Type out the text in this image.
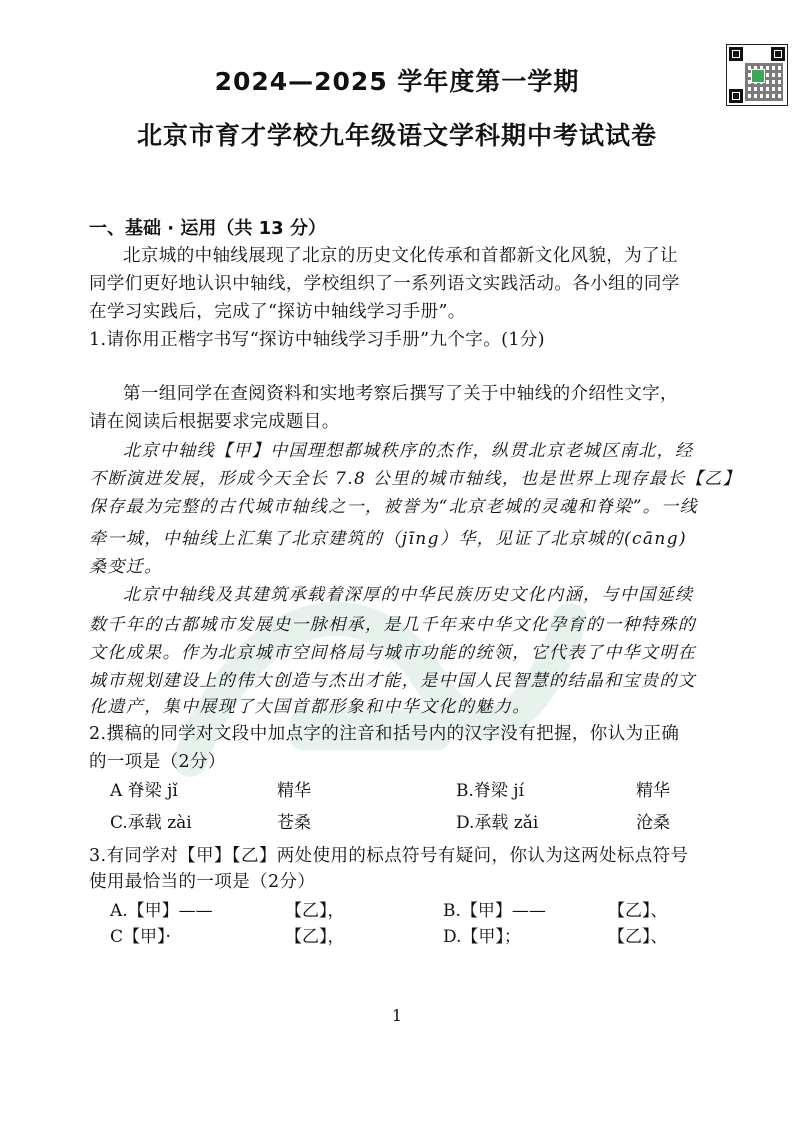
2024—2025 学年度第一学期
北京市育才学校九年级语文学科期中考试试卷
一、基础 · 运用（共 13 分）
北京城的中轴线展现了北京的历史文化传承和首都新文化风貌，为了让
同学们更好地认识中轴线，学校组织了一系列语文实践活动。各小组的同学
在学习实践后，完成了“探访中轴线学习手册”。
1.请你用正楷字书写“探访中轴线学习手册”九个字。(1分)
第一组同学在查阅资料和实地考察后撰写了关于中轴线的介绍性文字，
请在阅读后根据要求完成题目。
北京中轴线【甲】中国理想都城秩序的杰作，纵贯北京老城区南北，经
不断演进发展，形成今天全长 7.8 公里的城市轴线，也是世界上现存最长【乙】
保存最为完整的古代城市轴线之一，被誉为“北京老城的灵魂和脊梁”。一线
牵一城，中轴线上汇集了北京建筑的（jīng）华，见证了北京城的(cāng)
桑变迁。
北京中轴线及其建筑承载着深厚的中华民族历史文化内涵，与中国延续
数千年的古都城市发展史一脉相承，是几千年来中华文化孕育的一种特殊的
文化成果。作为北京城市空间格局与城市功能的统领，它代表了中华文明在
城市规划建设上的伟大创造与杰出才能，是中国人民智慧的结晶和宝贵的文
化遗产，集中展现了大国首都形象和中华文化的魅力。
2.撰稿的同学对文段中加点字的注音和括号内的汉字没有把握，你认为正确
的一项是（2分）
A 脊梁 jǐ	精华	B.脊梁 jí	精华
C.承载 zài	苍桑	D.承载 zǎi	沧桑
3.有同学对【甲】【乙】两处使用的标点符号有疑问，你认为这两处标点符号
使用最恰当的一项是（2分）
A.【甲】——	【乙】，	B.【甲】——	【乙】、
C【甲】·	【乙】，	D.【甲】；	【乙】、
1
